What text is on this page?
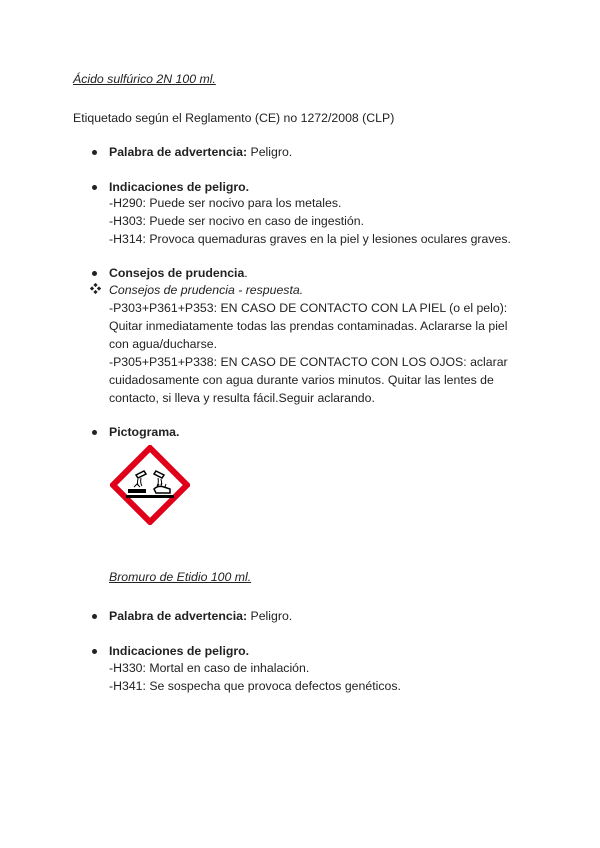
Ácido sulfúrico 2N 100 ml.
Etiquetado según el Reglamento (CE) no 1272/2008 (CLP)
Palabra de advertencia: Peligro.
Indicaciones de peligro.
-H290: Puede ser nocivo para los metales.
-H303: Puede ser nocivo en caso de ingestión.
-H314: Provoca quemaduras graves en la piel y lesiones oculares graves.
Consejos de prudencia.
Consejos de prudencia - respuesta.
-P303+P361+P353: EN CASO DE CONTACTO CON LA PIEL (o el pelo):
Quitar inmediatamente todas las prendas contaminadas. Aclararse la piel
con agua/ducharse.
-P305+P351+P338: EN CASO DE CONTACTO CON LOS OJOS: aclarar
cuidadosamente con agua durante varios minutos. Quitar las lentes de
contacto, si lleva y resulta fácil.Seguir aclarando.
Pictograma.
Bromuro de Etidio 100 ml.
Palabra de advertencia: Peligro.
Indicaciones de peligro.
-H330: Mortal en caso de inhalación.
-H341: Se sospecha que provoca defectos genéticos.
